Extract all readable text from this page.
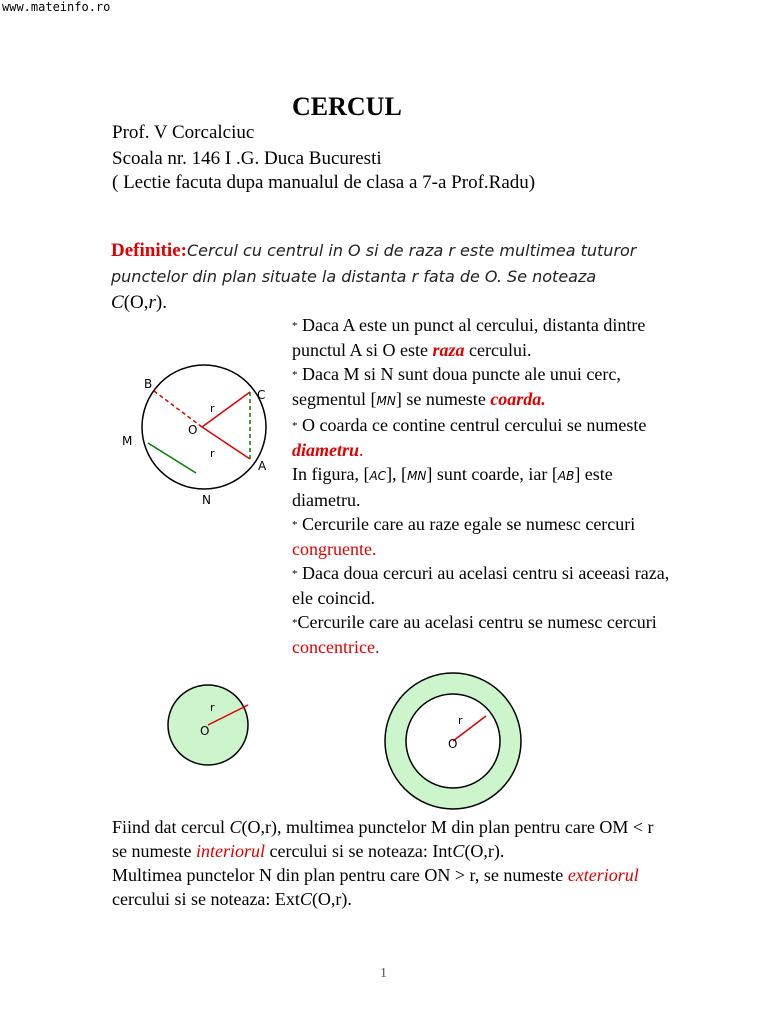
www.mateinfo.ro
CERCUL
Prof. V Corcalciuc
Scoala nr. 146 I .G. Duca Bucuresti
( Lectie facuta dupa manualul de clasa a 7-a Prof.Radu)
Definitie:Cercul cu centrul in O si de raza r este multimea tuturor punctelor din plan situate la distanta r fata de O. Se noteaza
C(O,r).
B
C
M
O
A
N
r
r

* Daca A este un punct al cercului, distanta dintre punctul A si O este raza cercului.

* Daca M si N sunt doua puncte ale unui cerc, segmentul [MN] se numeste coarda.

* O coarda ce contine centrul cercului se numeste diametru.

In figura, [AC], [MN] sunt coarde, iar [AB] este diametru.

* Cercurile care au raze egale se numesc cercuri congruente.

* Daca doua cercuri au acelasi centru si aceeasi raza, ele coincid.

*Cercurile care au acelasi centru se numesc cercuri concentrice.

r
O
r
O
Fiind dat cercul C(O,r), multimea punctelor M din plan pentru care OM < r se numeste interiorul cercului si se noteaza: IntC(O,r).
Multimea punctelor N din plan pentru care ON > r, se numeste exteriorul cercului si se noteaza: ExtC(O,r).
1
